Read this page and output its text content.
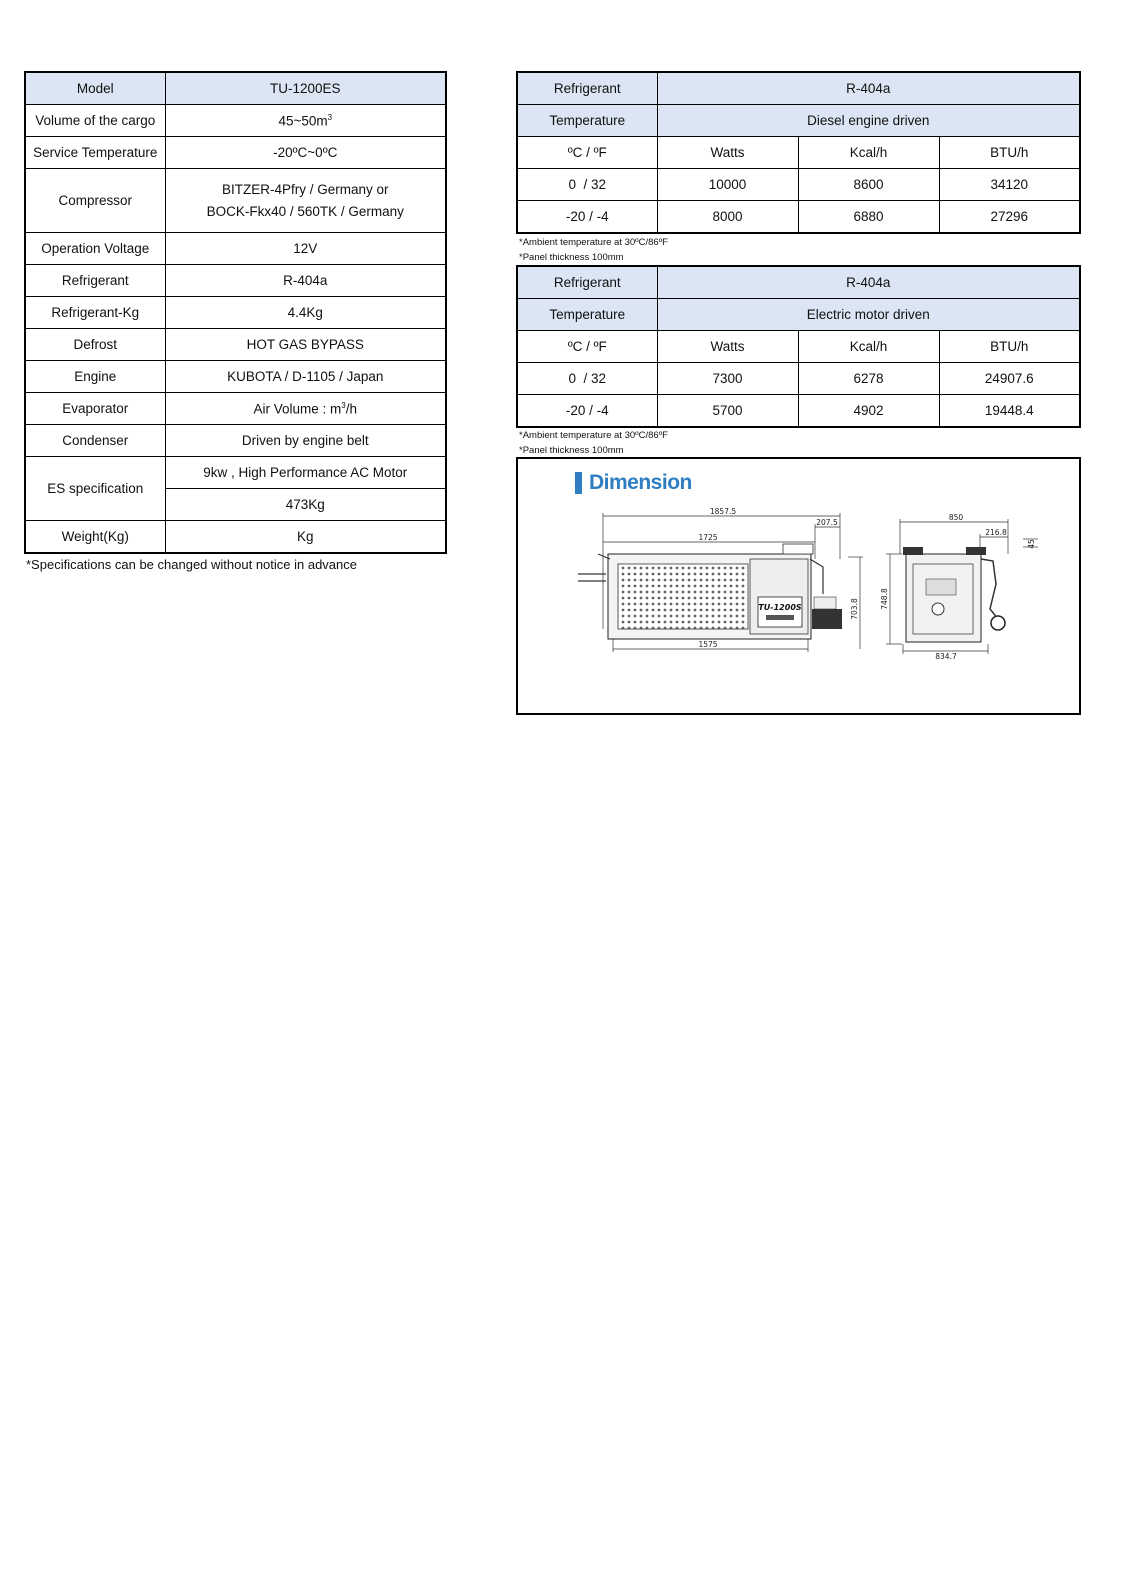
Model	TU-1200ES
Volume of the cargo	$45\sim 50m^3$
Service Temperature	-20ºC~0ºC
Compressor	BITZER-4Pfry / Germany or
BOCK-Fkx40 / 560TK / Germany

Operation Voltage	12V
Refrigerant	R-404a
Refrigerant-Kg	4.4Kg
Defrost	HOT GAS BYPASS
Engine	KUBOTA / D-1105 / Japan
Evaporator	Air Volume : $m^3/h$
Condenser	Driven by engine belt
ES specification	9kw , High Performance AC Motor
	473Kg
Weight(Kg)	Kg
*Specifications can be changed without notice in advance
Refrigerant	R-404a		
Temperature	Diesel engine driven		
ºC / ºF	Watts	Kcal/h	BTU/h
0  / 32	10000	8600	34120
-20 / -4	8000	6880	27296
*Ambient temperature at 30ºC/86ºF
*Panel thickness 100mm
Refrigerant	R-404a		
Temperature	Electric motor driven		
ºC / ºF	Watts	Kcal/h	BTU/h
0  / 32	7300	6278	24907.6
-20 / -4	5700	4902	19448.4
*Ambient temperature at 30ºC/86ºF
*Panel thickness 100mm
Dimension
TU-1200S
1857.5
207.5
1725
1575
703.8
850
216.8
45
748.8
834.7
